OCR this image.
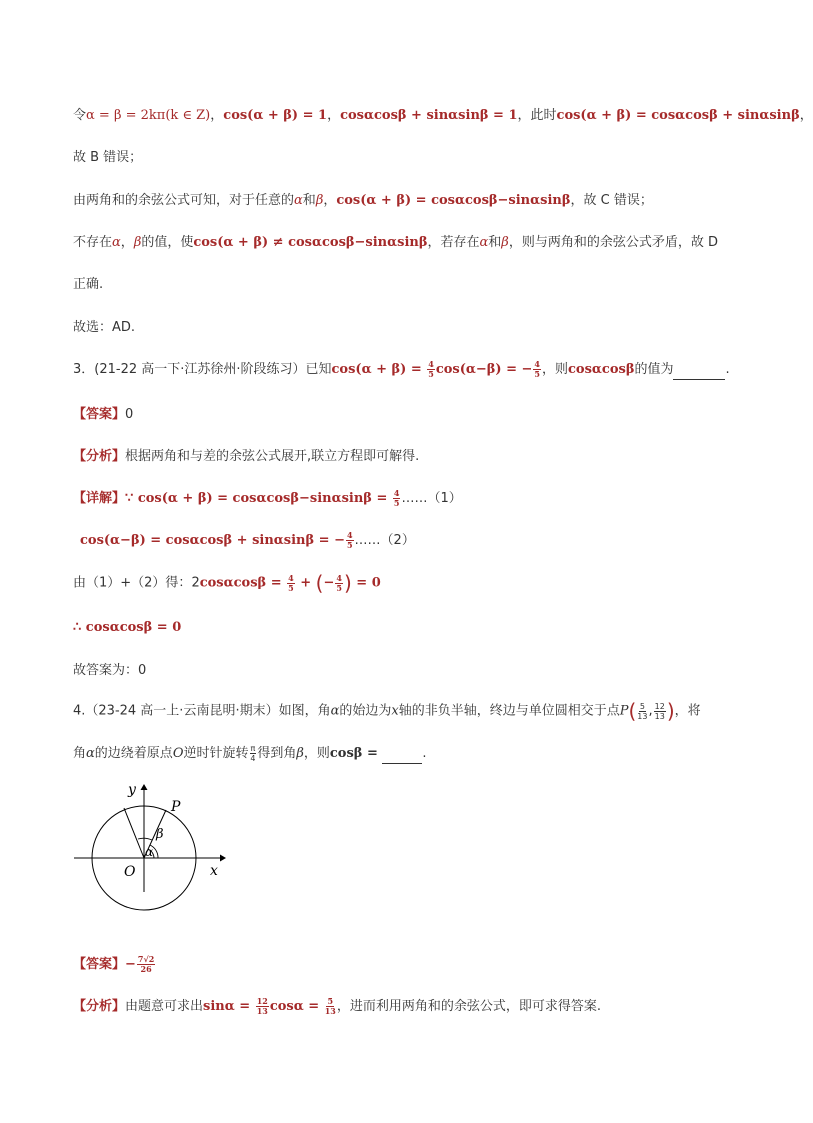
令α = β = 2kπ(k ∈ Z)，cos(α + β) = 1，cosαcosβ + sinαsinβ = 1，此时cos(α + β) = cosαcosβ + sinαsinβ，
故 B 错误；
由两角和的余弦公式可知，对于任意的α和β，cos(α + β) = cosαcosβ−sinαsinβ，故 C 错误；
不存在α，β的值，使cos(α + β) ≠ cosαcosβ−sinαsinβ，若存在α和β，则与两角和的余弦公式矛盾，故 D
正确.
故选：AD.
3．(21-22 高一下·江苏徐州·阶段练习）已知$\cos(\alpha + \beta) = \frac{4}{5} \cos(\alpha-\beta)$ = − $\frac{4}{5}$ ，则cosαcosβ的值为	.
【答案】0
【分析】根据两角和与差的余弦公式展开,联立方程即可解得.
【详解】∵ $\cos(\alpha + \beta) = \cos\alpha\cos\beta-\sin\alpha\sin\beta = \frac{4}{5}$ ……（1）
cos(α−β) = cosαcosβ + sinαsinβ = − $\frac{4}{5}$ ……（2）
由（1）+（2）得：$2\cos\alpha\cos\beta = \frac{4}{5}$ + (− $\frac{4}{5}$ ) = 0
∴ cosαcosβ = 0
故答案为：0
4.（23-24 高一上·云南昆明·期末）如图，角α的始边为x轴的非负半轴，终边与单位圆相交于点$P( \frac{5}{13}$ , $\frac{12}{13}$ )，将
角α的边绕着原点O逆时针旋转 $\frac{\pi}{4}$ 得到角β，则cosβ =	.
y
x
O
P
α
β
【答案】− $\frac{7√2}{26}$
【分析】由题意可求出$\sin\alpha = \frac{12}{13}$ $\cos\alpha = \frac{5}{13}$ ，进而利用两角和的余弦公式，即可求得答案.
